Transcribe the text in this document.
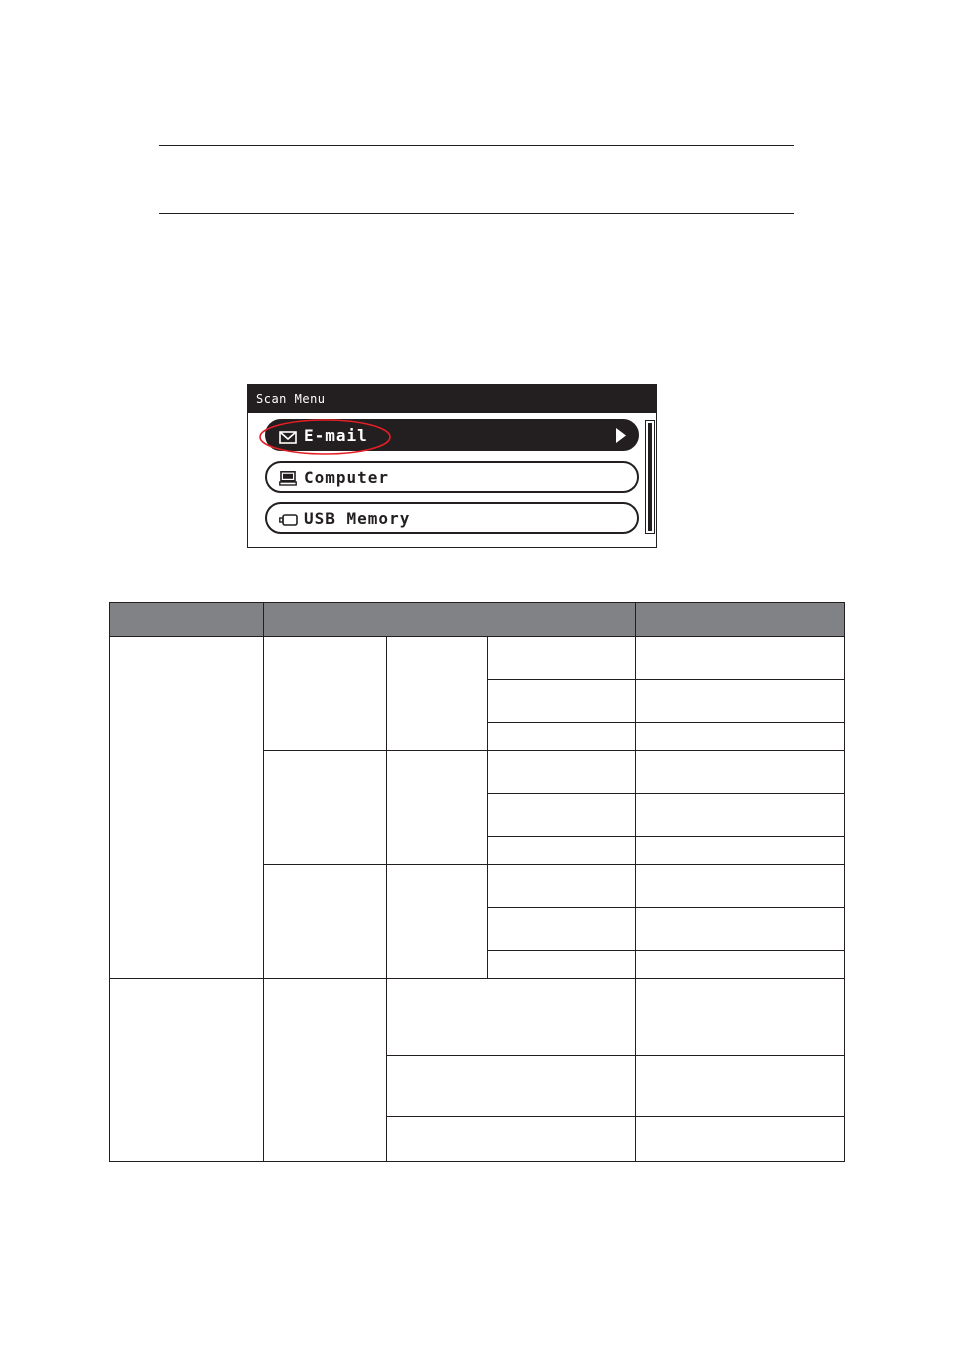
Scan Menu
E-mail
Computer
USB Memory
